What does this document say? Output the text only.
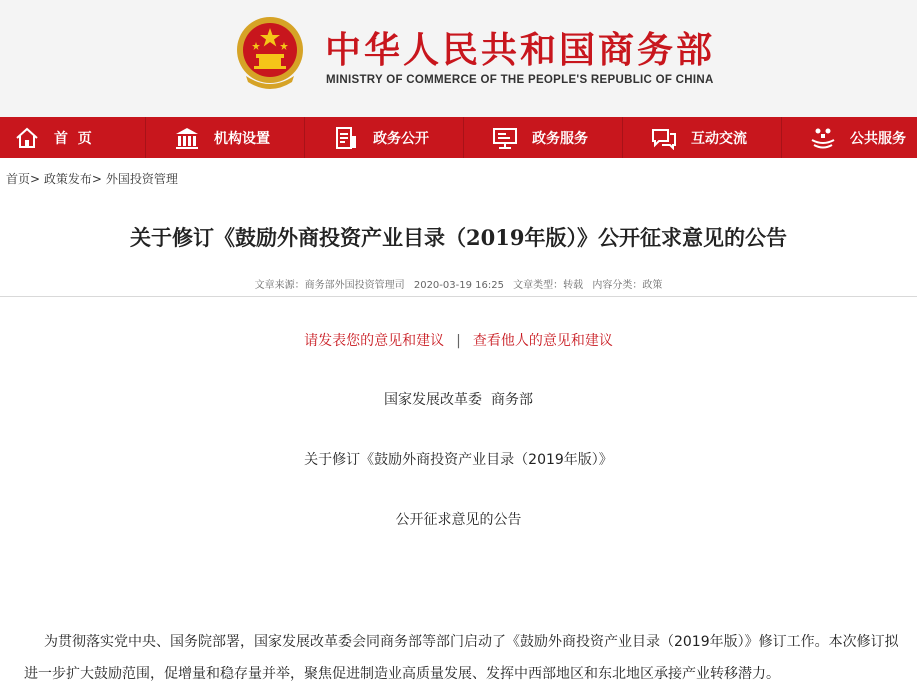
中华人民共和国商务部
MINISTRY OF COMMERCE OF THE PEOPLE'S REPUBLIC OF CHINA
首  页	机构设置	政务公开	政务服务	互动交流	公共服务
首页> 政策发布> 外国投资管理
关于修订《鼓励外商投资产业目录（2019年版）》公开征求意见的公告
文章来源：商务部外国投资管理司 2020-03-19 16:25 文章类型：转载 内容分类：政策
请发表您的意见和建议 | 查看他人的意见和建议
国家发展改革委  商务部
关于修订《鼓励外商投资产业目录（2019年版）》
公开征求意见的公告
为贯彻落实党中央、国务院部署，国家发展改革委会同商务部等部门启动了《鼓励外商投资产业目录（2019年版）》修订工作。本次修订拟进一步扩大鼓励范围，促增量和稳存量并举，聚焦促进制造业高质量发展、发挥中西部地区和东北地区承接产业转移潜力。
